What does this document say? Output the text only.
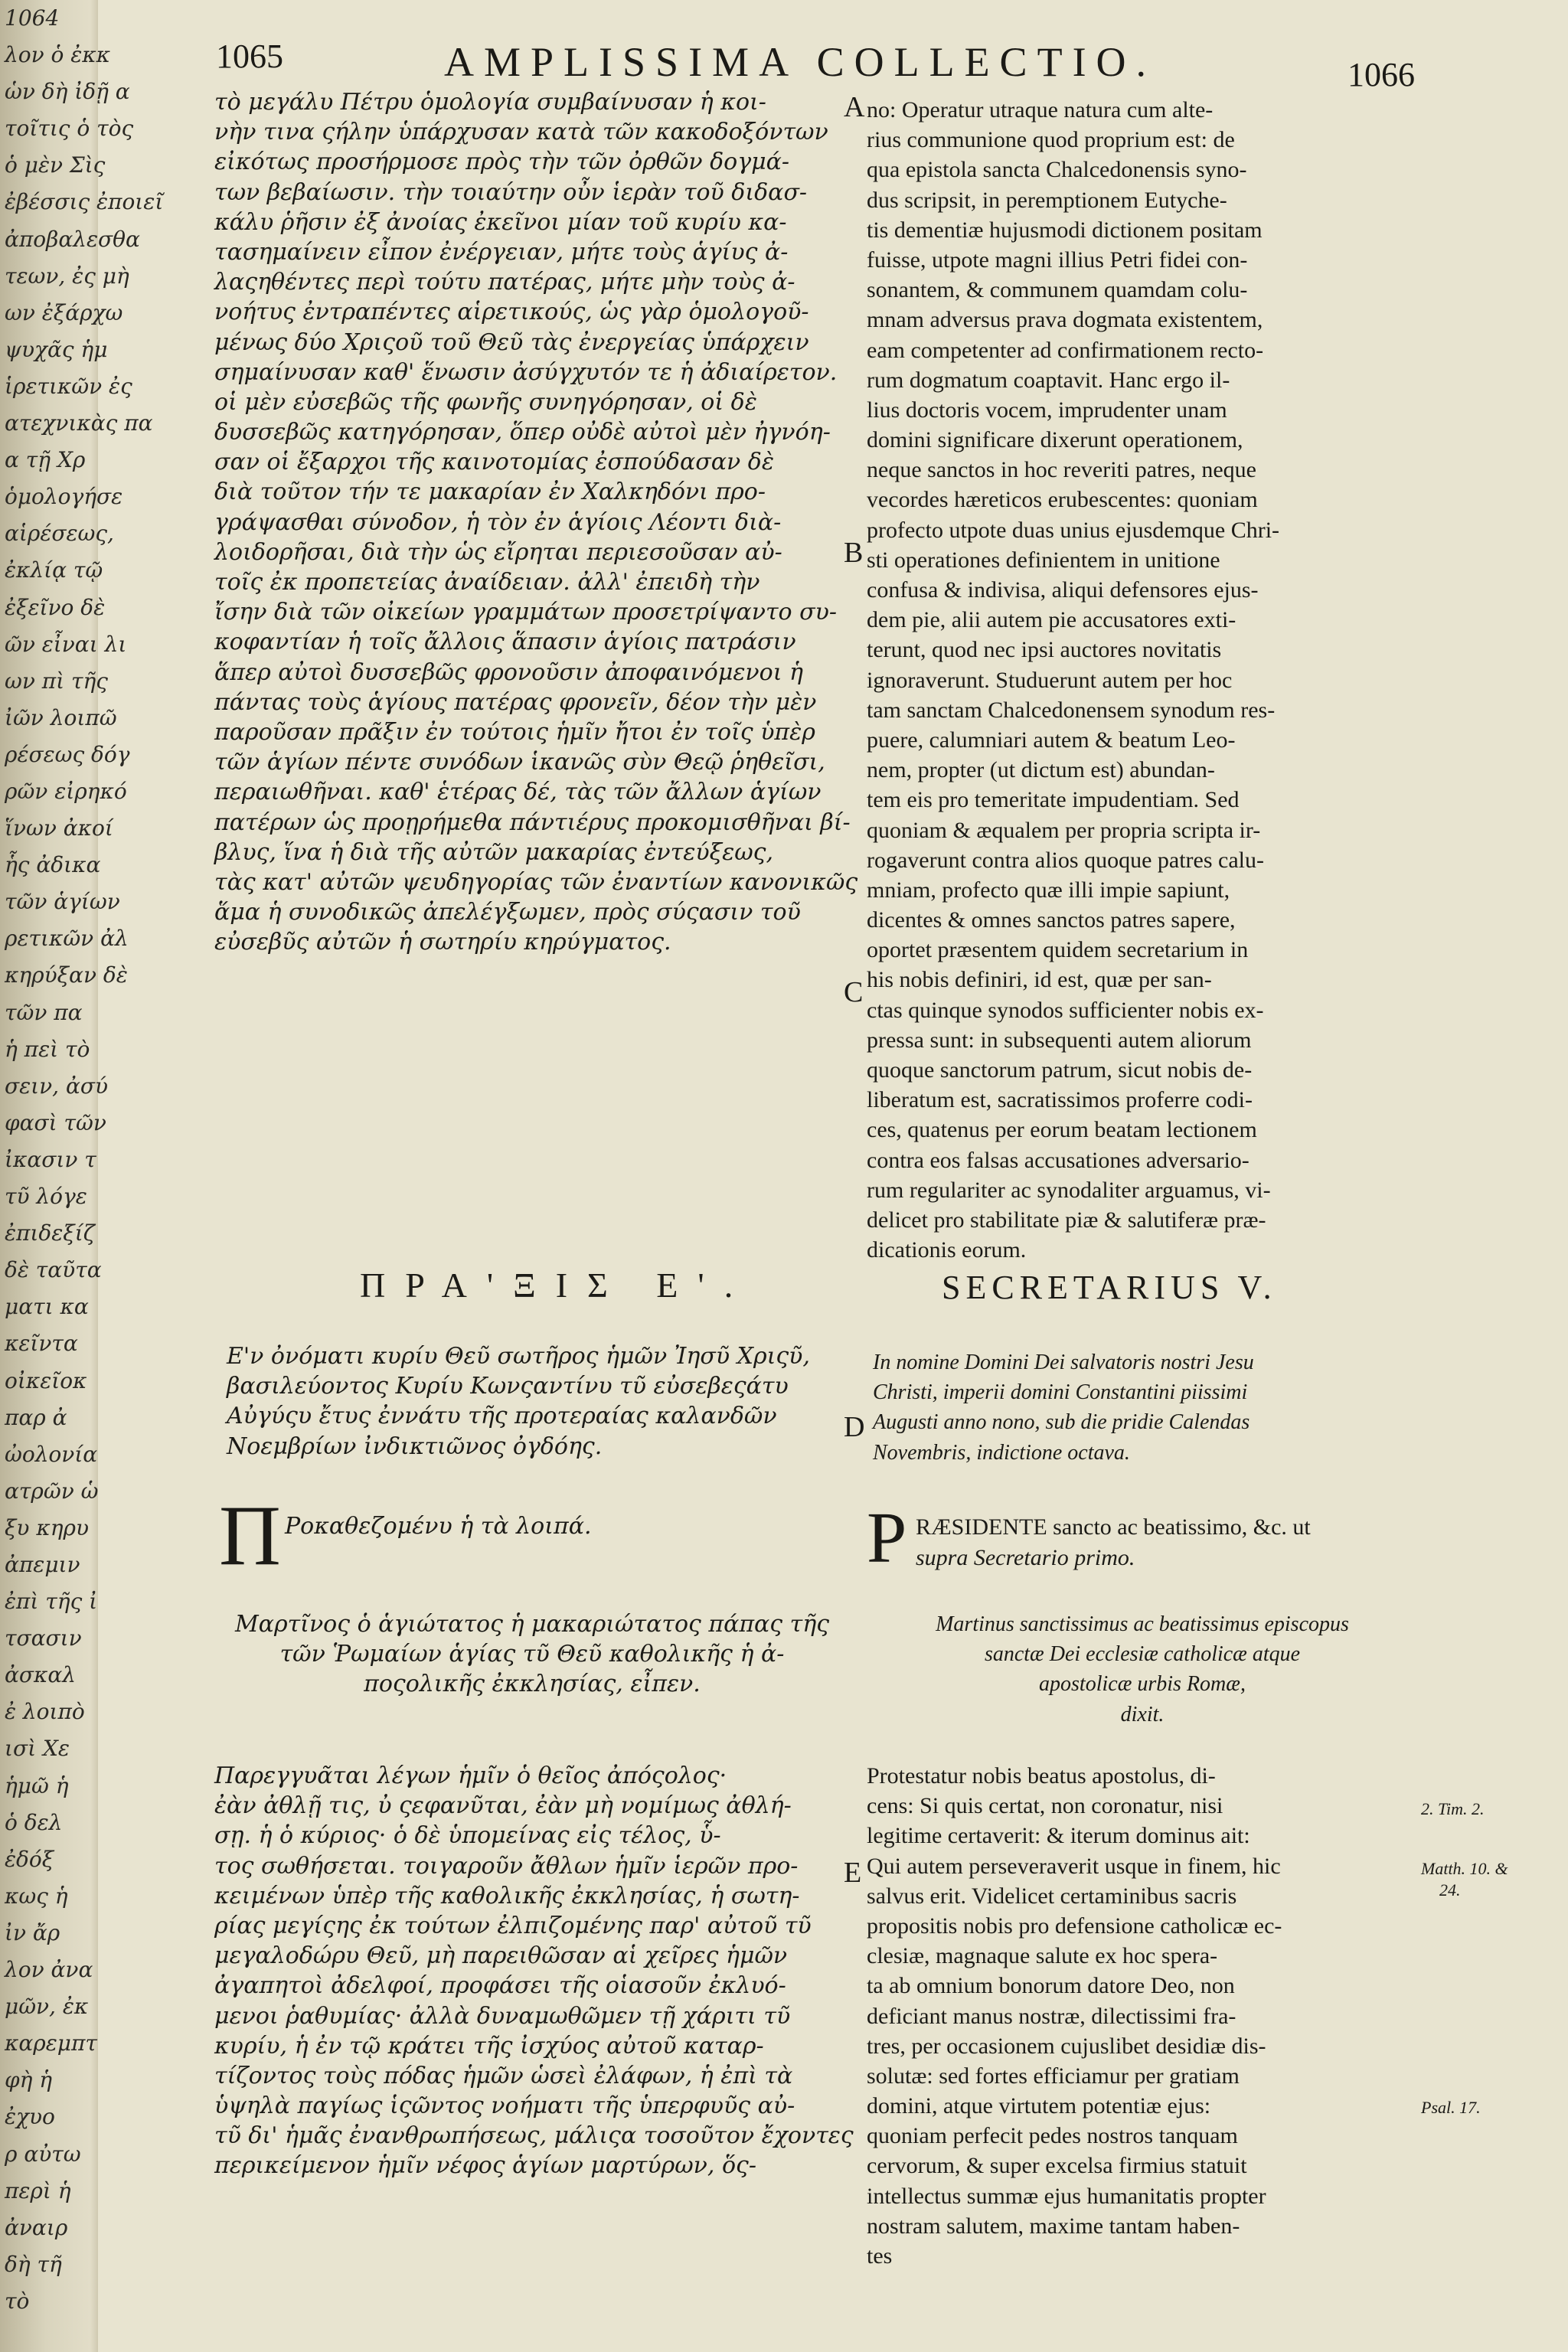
1064
λον ὁ ἐκκ
ὡν δὴ ἰδῇ α
τοῖτις ὁ τὸς
ὁ μὲν Σὶς
ἐβέσσις ἐποιεῖ
ἀποβαλεσθα
τεων, ἐς μὴ
ων ἐξάρχω
ψυχᾶς ἡμ
ἱρετικῶν ἐς
ατεχνικὰς πα
α τῇ Χρ
ὁμολογήσε
αἱρέσεως,
ἐκλίᾳ τῷ
ἐξεῖνο δὲ
ῶν εἶναι λι
ων πὶ τῆς
ἰῶν λοιπῶ
ρέσεως δόγ
ρῶν εἰρηκό
ἵνων ἀκοί
ἧς ἀδικα
τῶν ἁγίων
ρετικῶν ἀλ
κηρύξαν δὲ
τῶν πα
ἡ πεὶ τὸ
σειν, ἀσύ
φασὶ τῶν
ἰκασιν τ
τῦ λόγε
ἐπιδεξίζ
δὲ ταῦτα
ματι κα
κεῖντα
οἰκεῖοκ
παρ ἀ
ὠολονία
ατρῶν ὡ
ξυ κηρυ
ἀπεμιν
ἐπὶ τῆς ἰ
τσασιν
ἀσκαλ
ἐ λοιπὸ
ισὶ Χε
ἡμῶ ἡ
ὁ δελ
ἐδόξ
κως ἡ
ἰν ἄρ
λον ἀνα
μῶν, ἐκ
καρεμπτ
φὴ ἡ
ἐχυο
ρ αὐτω
περὶ ἡ
ἀναιρ
δὴ τῆ
τὸ
1065	AMPLISSIMA COLLECTIO.	1066
τὸ μεγάλυ Πέτρυ ὁμολογία συμβαίνυσαν ἡ κοι-
νὴν τινα ςήλην ὑπάρχυσαν κατὰ τῶν κακοδοξόντων
εἰκότως προσήρμοσε πρὸς τὴν τῶν ὀρθῶν δογμά-
των βεβαίωσιν. τὴν τοιαύτην οὖν ἱερὰν τοῦ διδασ-
κάλυ ῥῆσιν ἐξ ἀνοίας ἐκεῖνοι μίαν τοῦ κυρίυ κα-
τασημαίνειν εἶπον ἐνέργειαν, μήτε τοὺς ἁγίυς ἀ-
λαςηθέντες περὶ τούτυ πατέρας, μήτε μὴν τοὺς ἀ-
νοήτυς ἐντραπέντες αἱρετικούς, ὡς γὰρ ὁμολογοῦ-
μένως δύο Χριςοῦ τοῦ Θεῦ τὰς ἐνεργείας ὑπάρχειν
σημαίνυσαν καθ' ἕνωσιν ἀσύγχυτόν τε ἡ ἀδιαίρετον.
οἱ μὲν εὐσεβῶς τῆς φωνῆς συνηγόρησαν, οἱ δὲ
δυσσεβῶς κατηγόρησαν, ὅπερ οὐδὲ αὐτοὶ μὲν ἠγνόη-
σαν οἱ ἔξαρχοι τῆς καινοτομίας ἐσπούδασαν δὲ
διὰ τοῦτον τήν τε μακαρίαν ἐν Χαλκηδόνι προ-
γράψασθαι σύνοδον, ἡ τὸν ἐν ἁγίοις Λέοντι διὰ-
λοιδορῆσαι, διὰ τὴν ὡς εἴρηται περιεσοῦσαν αὐ-
τοῖς ἐκ προπετείας ἀναίδειαν. ἀλλ' ἐπειδὴ τὴν
ἴσην διὰ τῶν οἰκείων γραμμάτων προσετρίψαντο συ-
κοφαντίαν ἡ τοῖς ἄλλοις ἅπασιν ἁγίοις πατράσιν
ἅπερ αὐτοὶ δυσσεβῶς φρονοῦσιν ἀποφαινόμενοι ἡ
πάντας τοὺς ἁγίους πατέρας φρονεῖν, δέον τὴν μὲν
παροῦσαν πρᾶξιν ἐν τούτοις ἡμῖν ἤτοι ἐν τοῖς ὑπὲρ
τῶν ἁγίων πέντε συνόδων ἱκανῶς σὺν Θεῷ ῥηθεῖσι,
περαιωθῆναι. καθ' ἑτέρας δέ, τὰς τῶν ἄλλων ἁγίων
πατέρων ὡς προῃρήμεθα πάντιέρυς προκομισθῆναι βί-
βλυς, ἵνα ἡ διὰ τῆς αὐτῶν μακαρίας ἐντεύξεως,
τὰς κατ' αὐτῶν ψευδηγορίας τῶν ἐναντίων κανονικῶς
ἅμα ἡ συνοδικῶς ἀπελέγξωμεν, πρὸς σύςασιν τοῦ
εὐσεβῦς αὐτῶν ἡ σωτηρίυ κηρύγματος.
no: Operatur utraque natura cum alte-
rius communione quod proprium est: de
qua epistola sancta Chalcedonensis syno-
dus scripsit, in peremptionem Eutyche-
tis dementiæ hujusmodi dictionem positam
fuisse, utpote magni illius Petri fidei con-
sonantem, & communem quamdam colu-
mnam adversus prava dogmata existentem,
eam competenter ad confirmationem recto-
rum dogmatum coaptavit. Hanc ergo il-
lius doctoris vocem, imprudenter unam
domini significare dixerunt operationem,
neque sanctos in hoc reveriti patres, neque
vecordes hæreticos erubescentes: quoniam
profecto utpote duas unius ejusdemque Chri-
sti operationes definientem in unitione
confusa & indivisa, aliqui defensores ejus-
dem pie, alii autem pie accusatores exti-
terunt, quod nec ipsi auctores novitatis
ignoraverunt. Studuerunt autem per hoc
tam sanctam Chalcedonensem synodum res-
puere, calumniari autem & beatum Leo-
nem, propter (ut dictum est) abundan-
tem eis pro temeritate impudentiam. Sed
quoniam & æqualem per propria scripta ir-
rogaverunt contra alios quoque patres calu-
mniam, profecto quæ illi impie sapiunt,
dicentes & omnes sanctos patres sapere,
oportet præsentem quidem secretarium in
his nobis definiri, id est, quæ per san-
ctas quinque synodos sufficienter nobis ex-
pressa sunt: in subsequenti autem aliorum
quoque sanctorum patrum, sicut nobis de-
liberatum est, sacratissimos proferre codi-
ces, quatenus per eorum beatam lectionem
contra eos falsas accusationes adversario-
rum regulariter ac synodaliter arguamus, vi-
delicet pro stabilitate piæ & salutiferæ præ-
dicationis eorum.
A
B
C
D
E
ΠΡΑ'ΞΙΣ Ε'.	SECRETARIUS V.
Ε'ν ὀνόματι κυρίυ Θεῦ σωτῆρος ἡμῶν Ἰησῦ Χριςῦ,
βασιλεύοντος Κυρίυ Κωνςαντίνυ τῦ εὐσεβεςάτυ
Αὐγύςυ ἔτυς ἐννάτυ τῆς προτεραίας καλανδῶν
Νοεμβρίων ἰνδικτιῶνος ὀγδόης.
In nomine Domini Dei salvatoris nostri Jesu
Christi, imperii domini Constantini piissimi
Augusti anno nono, sub die pridie Calendas
Novembris, indictione octava.
Π Ροκαθεζομένυ ἡ τὰ λοιπά.	P RÆSIDENTE sancto ac beatissimo, &c. ut
supra Secretario primo.
Μαρτῖνος ὁ ἁγιώτατος ἡ μακαριώτατος πάπας τῆς
τῶν Ῥωμαίων ἁγίας τῦ Θεῦ καθολικῆς ἡ ἀ-
ποςολικῆς ἐκκλησίας, εἶπεν.
Martinus sanctissimus ac beatissimus episcopus
sanctæ Dei ecclesiæ catholicæ atque
apostolicæ urbis Romæ,
dixit.
Παρεγγυᾶται λέγων ἡμῖν ὁ θεῖος ἀπόςολος·
ἐὰν ἀθλῇ τις, ὐ ςεφανῦται, ἐὰν μὴ νομίμως ἀθλή-
σῃ. ἡ ὁ κύριος· ὁ δὲ ὑπομείνας εἰς τέλος, ὗ-
τος σωθήσεται. τοιγαροῦν ἄθλων ἡμῖν ἱερῶν προ-
κειμένων ὑπὲρ τῆς καθολικῆς ἐκκλησίας, ἡ σωτη-
ρίας μεγίςης ἐκ τούτων ἐλπιζομένης παρ' αὐτοῦ τῦ
μεγαλοδώρυ Θεῦ, μὴ παρειθῶσαν αἱ χεῖρες ἡμῶν
ἀγαπητοὶ ἀδελφοί, προφάσει τῆς οἱασοῦν ἐκλυό-
μενοι ῥαθυμίας· ἀλλὰ δυναμωθῶμεν τῇ χάριτι τῦ
κυρίυ, ἡ ἐν τῷ κράτει τῆς ἰσχύος αὐτοῦ καταρ-
τίζοντος τοὺς πόδας ἡμῶν ὡσεὶ ἐλάφων, ἡ ἐπὶ τὰ
ὑψηλὰ παγίως ἱςῶντος νοήματι τῆς ὑπερφυῦς αὐ-
τῦ δι' ἡμᾶς ἐνανθρωπήσεως, μάλιςα τοσοῦτον ἔχοντες
περικείμενον ἡμῖν νέφος ἁγίων μαρτύρων, ὅς-
Protestatur nobis beatus apostolus, di-
cens: Si quis certat, non coronatur, nisi
legitime certaverit: & iterum dominus ait:
Qui autem perseveraverit usque in finem, hic
salvus erit. Videlicet certaminibus sacris
propositis nobis pro defensione catholicæ ec-
clesiæ, magnaque salute ex hoc spera-
ta ab omnium bonorum datore Deo, non
deficiant manus nostræ, dilectissimi fra-
tres, per occasionem cujuslibet desidiæ dis-
solutæ: sed fortes efficiamur per gratiam
domini, atque virtutem potentiæ ejus:
quoniam perfecit pedes nostros tanquam
cervorum, & super excelsa firmius statuit
intellectus summæ ejus humanitatis propter
nostram salutem, maxime tantam haben-
tes
2. Tim. 2.
Matth. 10. &
24.
Psal. 17.
